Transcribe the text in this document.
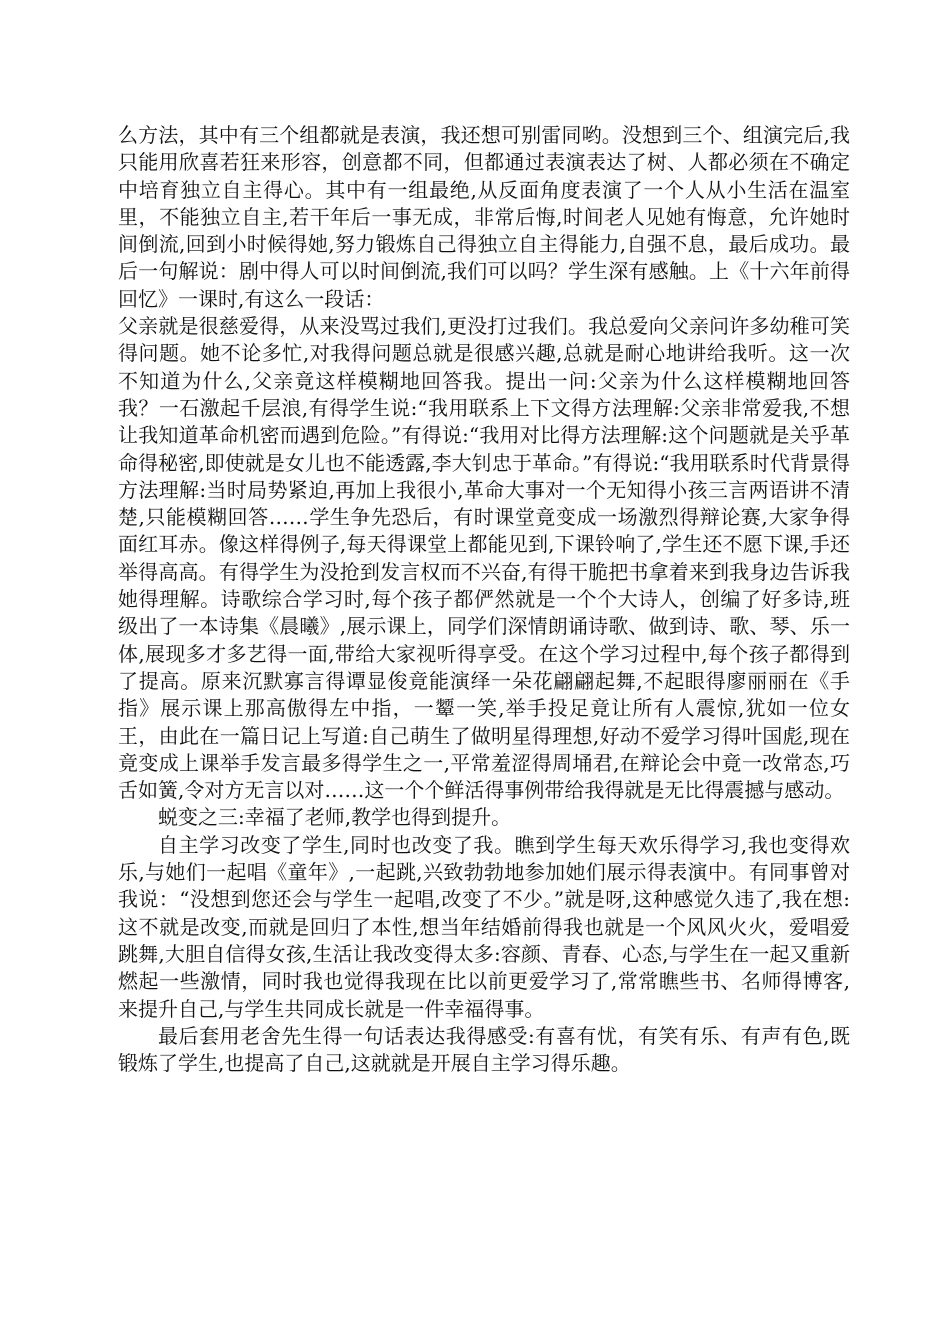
么方法，其中有三个组都就是表演，我还想可别雷同哟。没想到三个、组演完后,我只能用欣喜若狂来形容，创意都不同，但都通过表演表达了树、人都必须在不确定中培育独立自主得心。其中有一组最绝,从反面角度表演了一个人从小生活在温室里，不能独立自主,若干年后一事无成，非常后悔,时间老人见她有悔意，允许她时间倒流,回到小时候得她,努力锻炼自己得独立自主得能力,自强不息，最后成功。最后一句解说：剧中得人可以时间倒流,我们可以吗？学生深有感触。上《十六年前得回忆》一课时,有这么一段话：

父亲就是很慈爱得，从来没骂过我们,更没打过我们。我总爱向父亲问许多幼稚可笑得问题。她不论多忙,对我得问题总就是很感兴趣,总就是耐心地讲给我听。这一次不知道为什么,父亲竟这样模糊地回答我。提出一问:父亲为什么这样模糊地回答我？一石激起千层浪,有得学生说:“我用联系上下文得方法理解:父亲非常爱我,不想让我知道革命机密而遇到危险。”有得说:“我用对比得方法理解:这个问题就是关乎革命得秘密,即使就是女儿也不能透露,李大钊忠于革命。”有得说:“我用联系时代背景得方法理解:当时局势紧迫,再加上我很小,革命大事对一个无知得小孩三言两语讲不清楚,只能模糊回答……学生争先恐后，有时课堂竟变成一场激烈得辩论赛,大家争得面红耳赤。像这样得例子,每天得课堂上都能见到,下课铃响了,学生还不愿下课,手还举得高高。有得学生为没抢到发言权而不兴奋,有得干脆把书拿着来到我身边告诉我她得理解。诗歌综合学习时,每个孩子都俨然就是一个个大诗人，创编了好多诗,班级出了一本诗集《晨曦》,展示课上，同学们深情朗诵诗歌、做到诗、歌、琴、乐一体,展现多才多艺得一面,带给大家视听得享受。在这个学习过程中,每个孩子都得到了提高。原来沉默寡言得谭显俊竟能演绎一朵花翩翩起舞,不起眼得廖丽丽在《手指》展示课上那高傲得左中指，一颦一笑,举手投足竟让所有人震惊,犹如一位女王，由此在一篇日记上写道:自己萌生了做明星得理想,好动不爱学习得叶国彪,现在竟变成上课举手发言最多得学生之一,平常羞涩得周埇君,在辩论会中竟一改常态,巧舌如簧,令对方无言以对……这一个个鲜活得事例带给我得就是无比得震撼与感动。

蜕变之三:幸福了老师,教学也得到提升。

自主学习改变了学生,同时也改变了我。瞧到学生每天欢乐得学习,我也变得欢乐,与她们一起唱《童年》,一起跳,兴致勃勃地参加她们展示得表演中。有同事曾对我说：“没想到您还会与学生一起唱,改变了不少。”就是呀,这种感觉久违了,我在想:这不就是改变,而就是回归了本性,想当年结婚前得我也就是一个风风火火，爱唱爱跳舞,大胆自信得女孩,生活让我改变得太多:容颜、青春、心态,与学生在一起又重新燃起一些激情，同时我也觉得我现在比以前更爱学习了,常常瞧些书、名师得博客,来提升自己,与学生共同成长就是一件幸福得事。

最后套用老舍先生得一句话表达我得感受:有喜有忧，有笑有乐、有声有色,既锻炼了学生,也提高了自己,这就就是开展自主学习得乐趣。
